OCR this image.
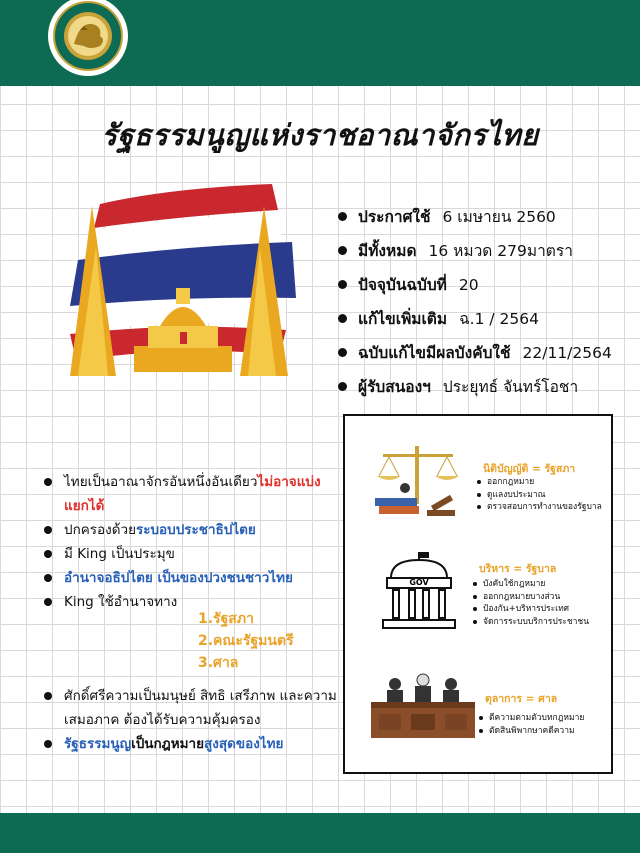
รัฐธรรมนูญแห่งราชอาณาจักรไทย
ประกาศใช้ 6 เมษายน 2560
มีทั้งหมด 16 หมวด 279มาตรา
ปัจจุบันฉบับที่ 20
แก้ไขเพิ่มเติม ฉ.1 / 2564
ฉบับแก้ไขมีผลบังคับใช้ 22/11/2564
ผู้รับสนองฯ ประยุทธ์ จันทร์โอชา
ไทยเป็นอาณาจักรอันหนึ่งอันเดียวไม่อาจแบ่งแยกได้
ปกครองด้วยระบอบประชาธิปไตย
มี King เป็นประมุข
อำนาจอธิปไตย เป็นของปวงชนชาวไทย
King ใช้อำนาจทาง
1.รัฐสภา
2.คณะรัฐมนตรี
3.ศาล
ศักดิ์ศรีความเป็นมนุษย์ สิทธิ เสรีภาพ และความเสมอภาค ต้องได้รับความคุ้มครอง
รัฐธรรมนูญเป็นกฎหมายสูงสุดของไทย
นิติบัญญัติ = รัฐสภา
ออกกฎหมาย
ดูแลงบประมาณ
ตรวจสอบการทำงานของรัฐบาล
GOV
บริหาร = รัฐบาล
บังคับใช้กฎหมาย
ออกกฎหมายบางส่วน
ป้องกัน+บริหารประเทศ
จัดการระบบบริการประชาชน
ตุลาการ = ศาล
ตีความตามตัวบทกฎหมาย
ตัดสินพิพากษาคดีความ
